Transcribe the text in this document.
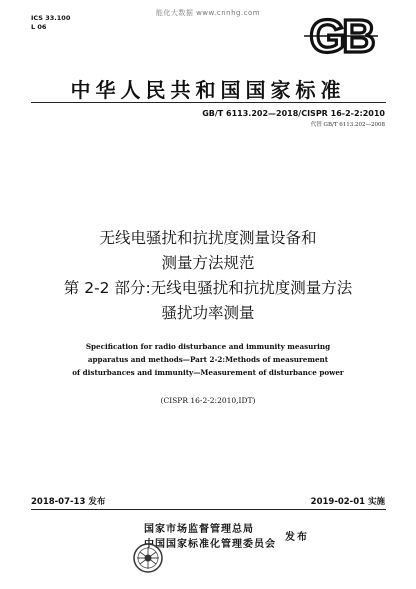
能化大数据 www.cnnhg.com
ICS 33.100
L 06	GB
中华人民共和国国家标准
GB/T 6113.202—2018/CISPR 16-2-2:2010
代替 GB/T 6113.202—2008
无线电骚扰和抗扰度测量设备和
测量方法规范
第 2-2 部分:无线电骚扰和抗扰度测量方法
骚扰功率测量
Specification for radio disturbance and immunity measuring
apparatus and methods—Part 2-2:Methods of measurement
of disturbances and immunity—Measurement of disturbance power
(CISPR 16-2-2:2010,IDT)
2018-07-13 发布	2019-02-01 实施
国家市场监督管理总局
中国国家标准化管理委员会
发布
